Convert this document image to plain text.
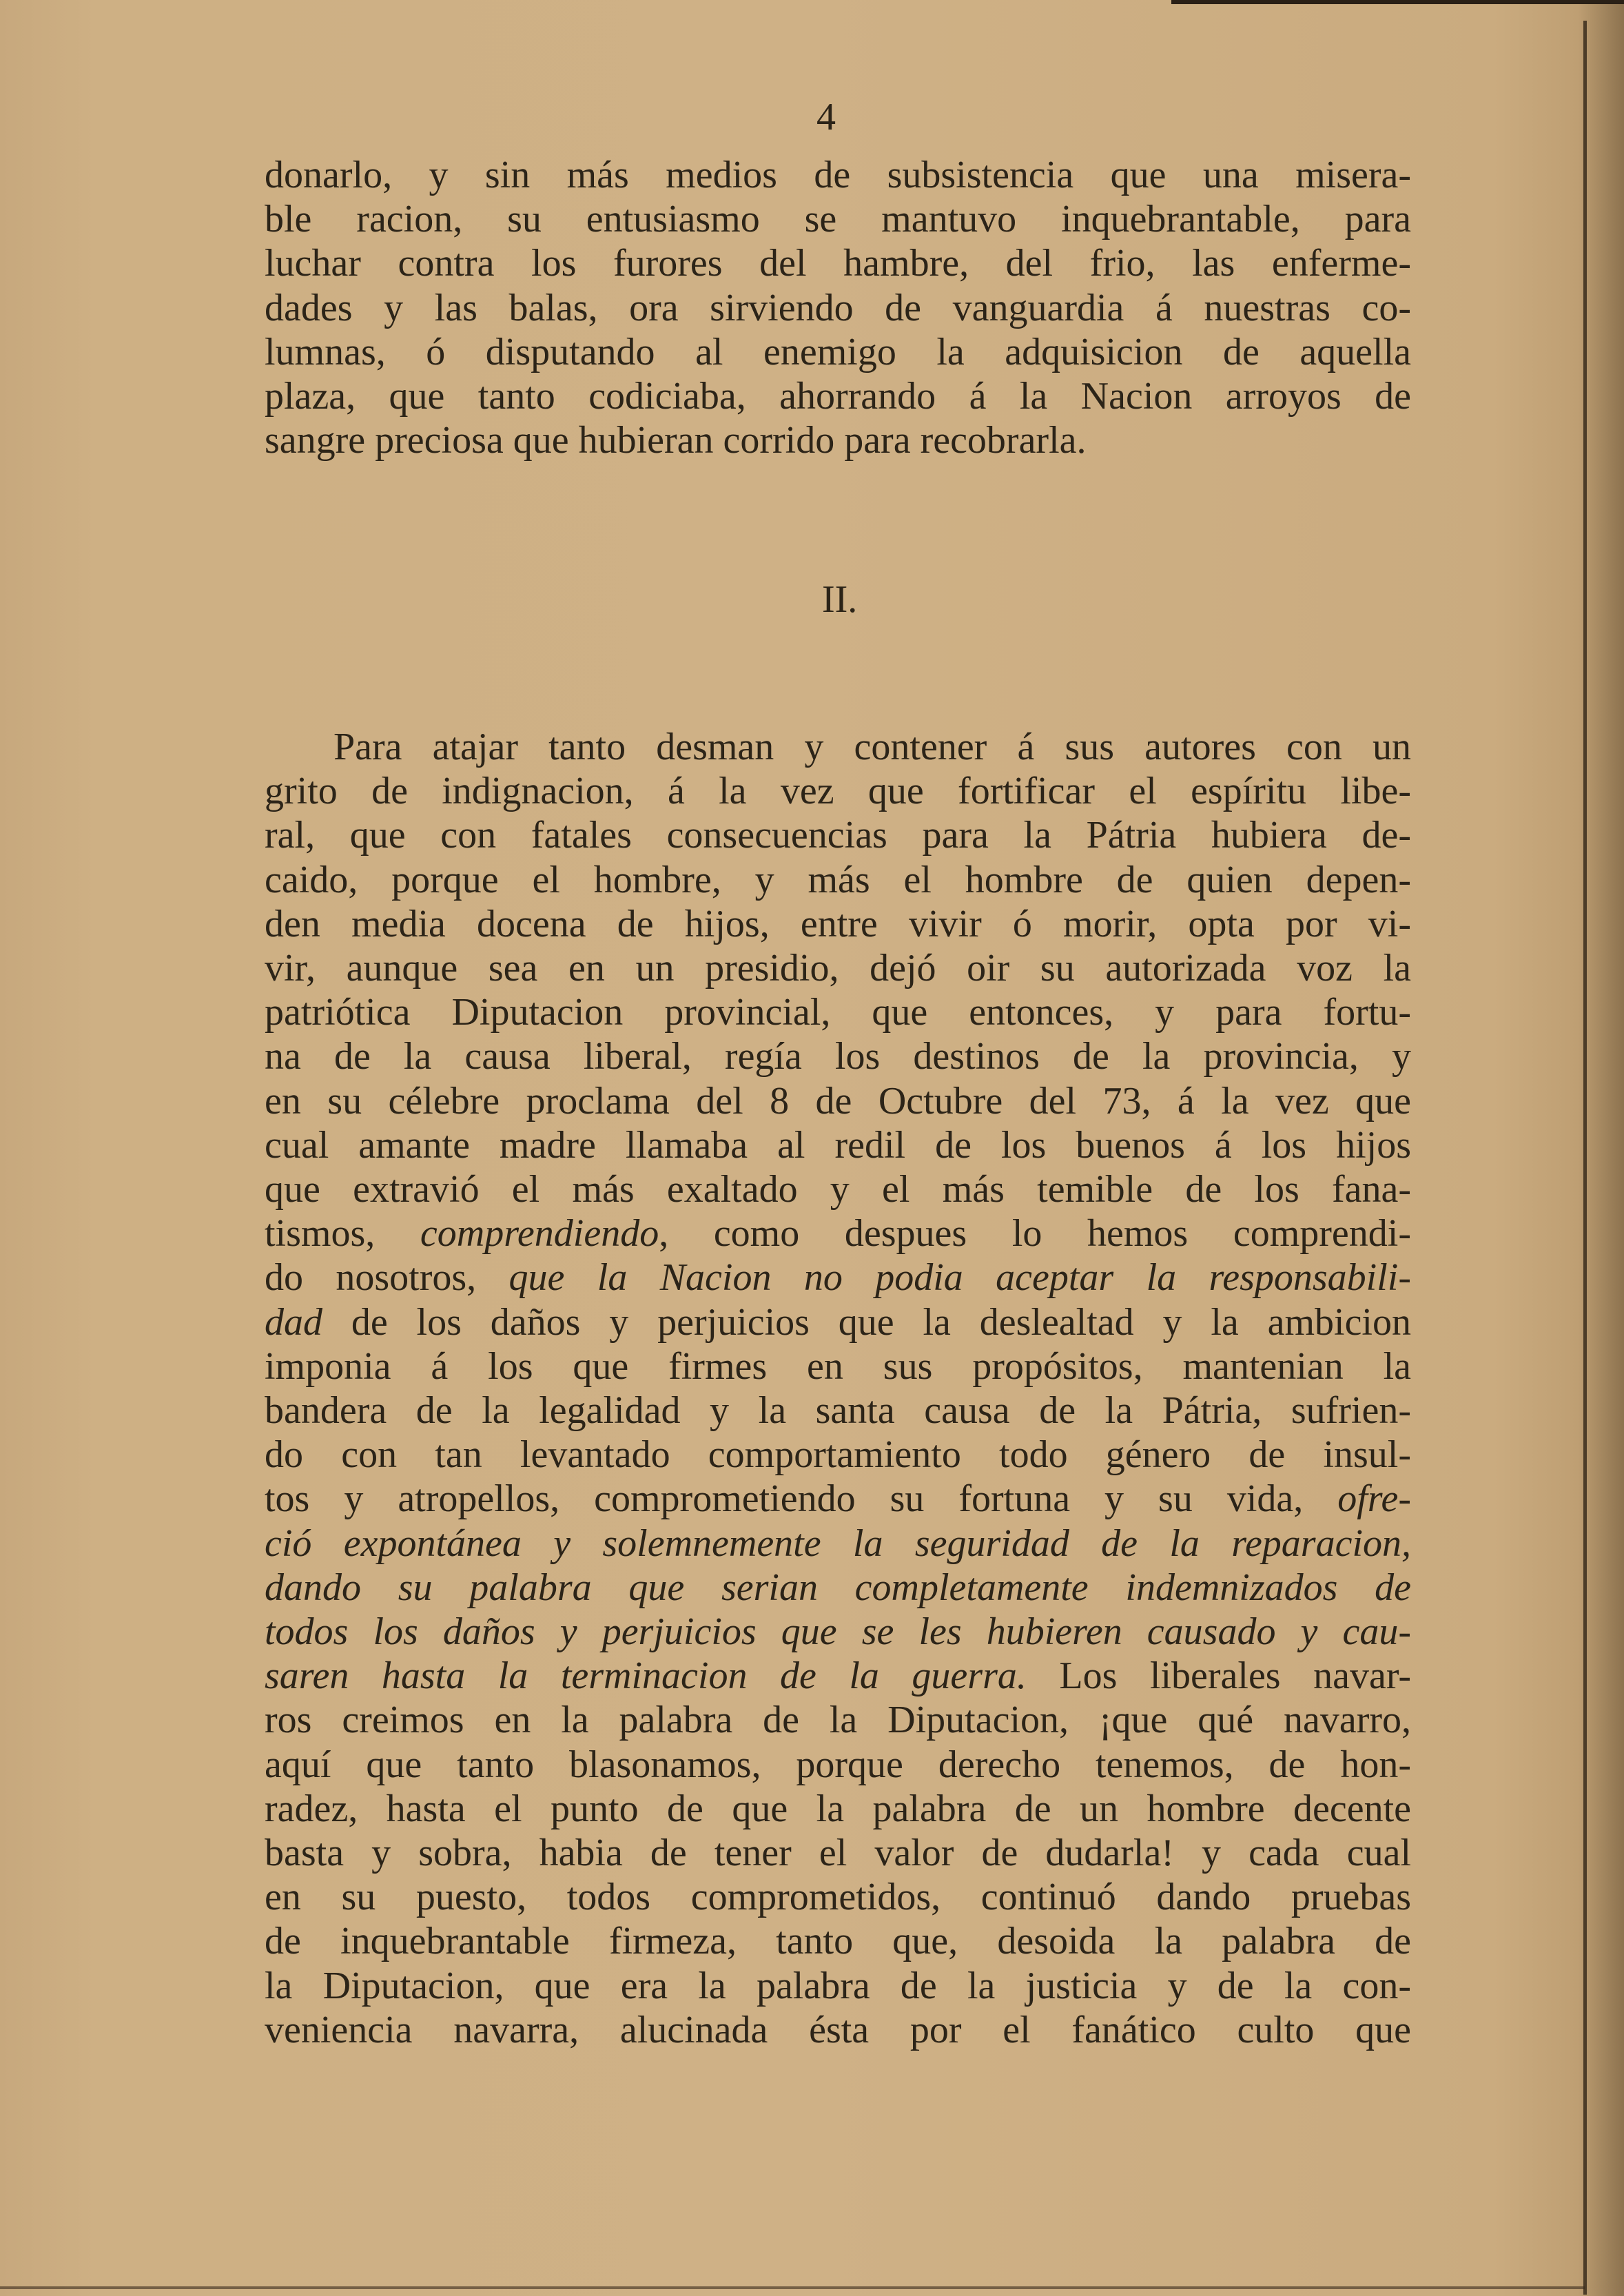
4
donarlo, y sin más medios de subsistencia que una misera-
ble racion, su entusiasmo se mantuvo inquebrantable, para
luchar contra los furores del hambre, del frio, las enferme-
dades y las balas, ora sirviendo de vanguardia á nuestras co-
lumnas, ó disputando al enemigo la adquisicion de aquella
plaza, que tanto codiciaba, ahorrando á la Nacion arroyos de
sangre preciosa que hubieran corrido para recobrarla.
II.
Para atajar tanto desman y contener á sus autores con un
grito de indignacion, á la vez que fortificar el espíritu libe-
ral, que con fatales consecuencias para la Pátria hubiera de-
caido, porque el hombre, y más el hombre de quien depen-
den media docena de hijos, entre vivir ó morir, opta por vi-
vir, aunque sea en un presidio, dejó oir su autorizada voz la
patriótica Diputacion provincial, que entonces, y para fortu-
na de la causa liberal, regía los destinos de la provincia, y
en su célebre proclama del 8 de Octubre del 73, á la vez que
cual amante madre llamaba al redil de los buenos á los hijos
que extravió el más exaltado y el más temible de los fana-
tismos, comprendiendo, como despues lo hemos comprendi-
do nosotros, que la Nacion no podia aceptar la responsabili-
dad de los daños y perjuicios que la deslealtad y la ambicion
imponia á los que firmes en sus propósitos, mantenian la
bandera de la legalidad y la santa causa de la Pátria, sufrien-
do con tan levantado comportamiento todo género de insul-
tos y atropellos, comprometiendo su fortuna y su vida, ofre-
ció expontánea y solemnemente la seguridad de la reparacion,
dando su palabra que serian completamente indemnizados de
todos los daños y perjuicios que se les hubieren causado y cau-
saren hasta la terminacion de la guerra. Los liberales navar-
ros creimos en la palabra de la Diputacion, ¡que qué navarro,
aquí que tanto blasonamos, porque derecho tenemos, de hon-
radez, hasta el punto de que la palabra de un hombre decente
basta y sobra, habia de tener el valor de dudarla! y cada cual
en su puesto, todos comprometidos, continuó dando pruebas
de inquebrantable firmeza, tanto que, desoida la palabra de
la Diputacion, que era la palabra de la justicia y de la con-
veniencia navarra, alucinada ésta por el fanático culto que
